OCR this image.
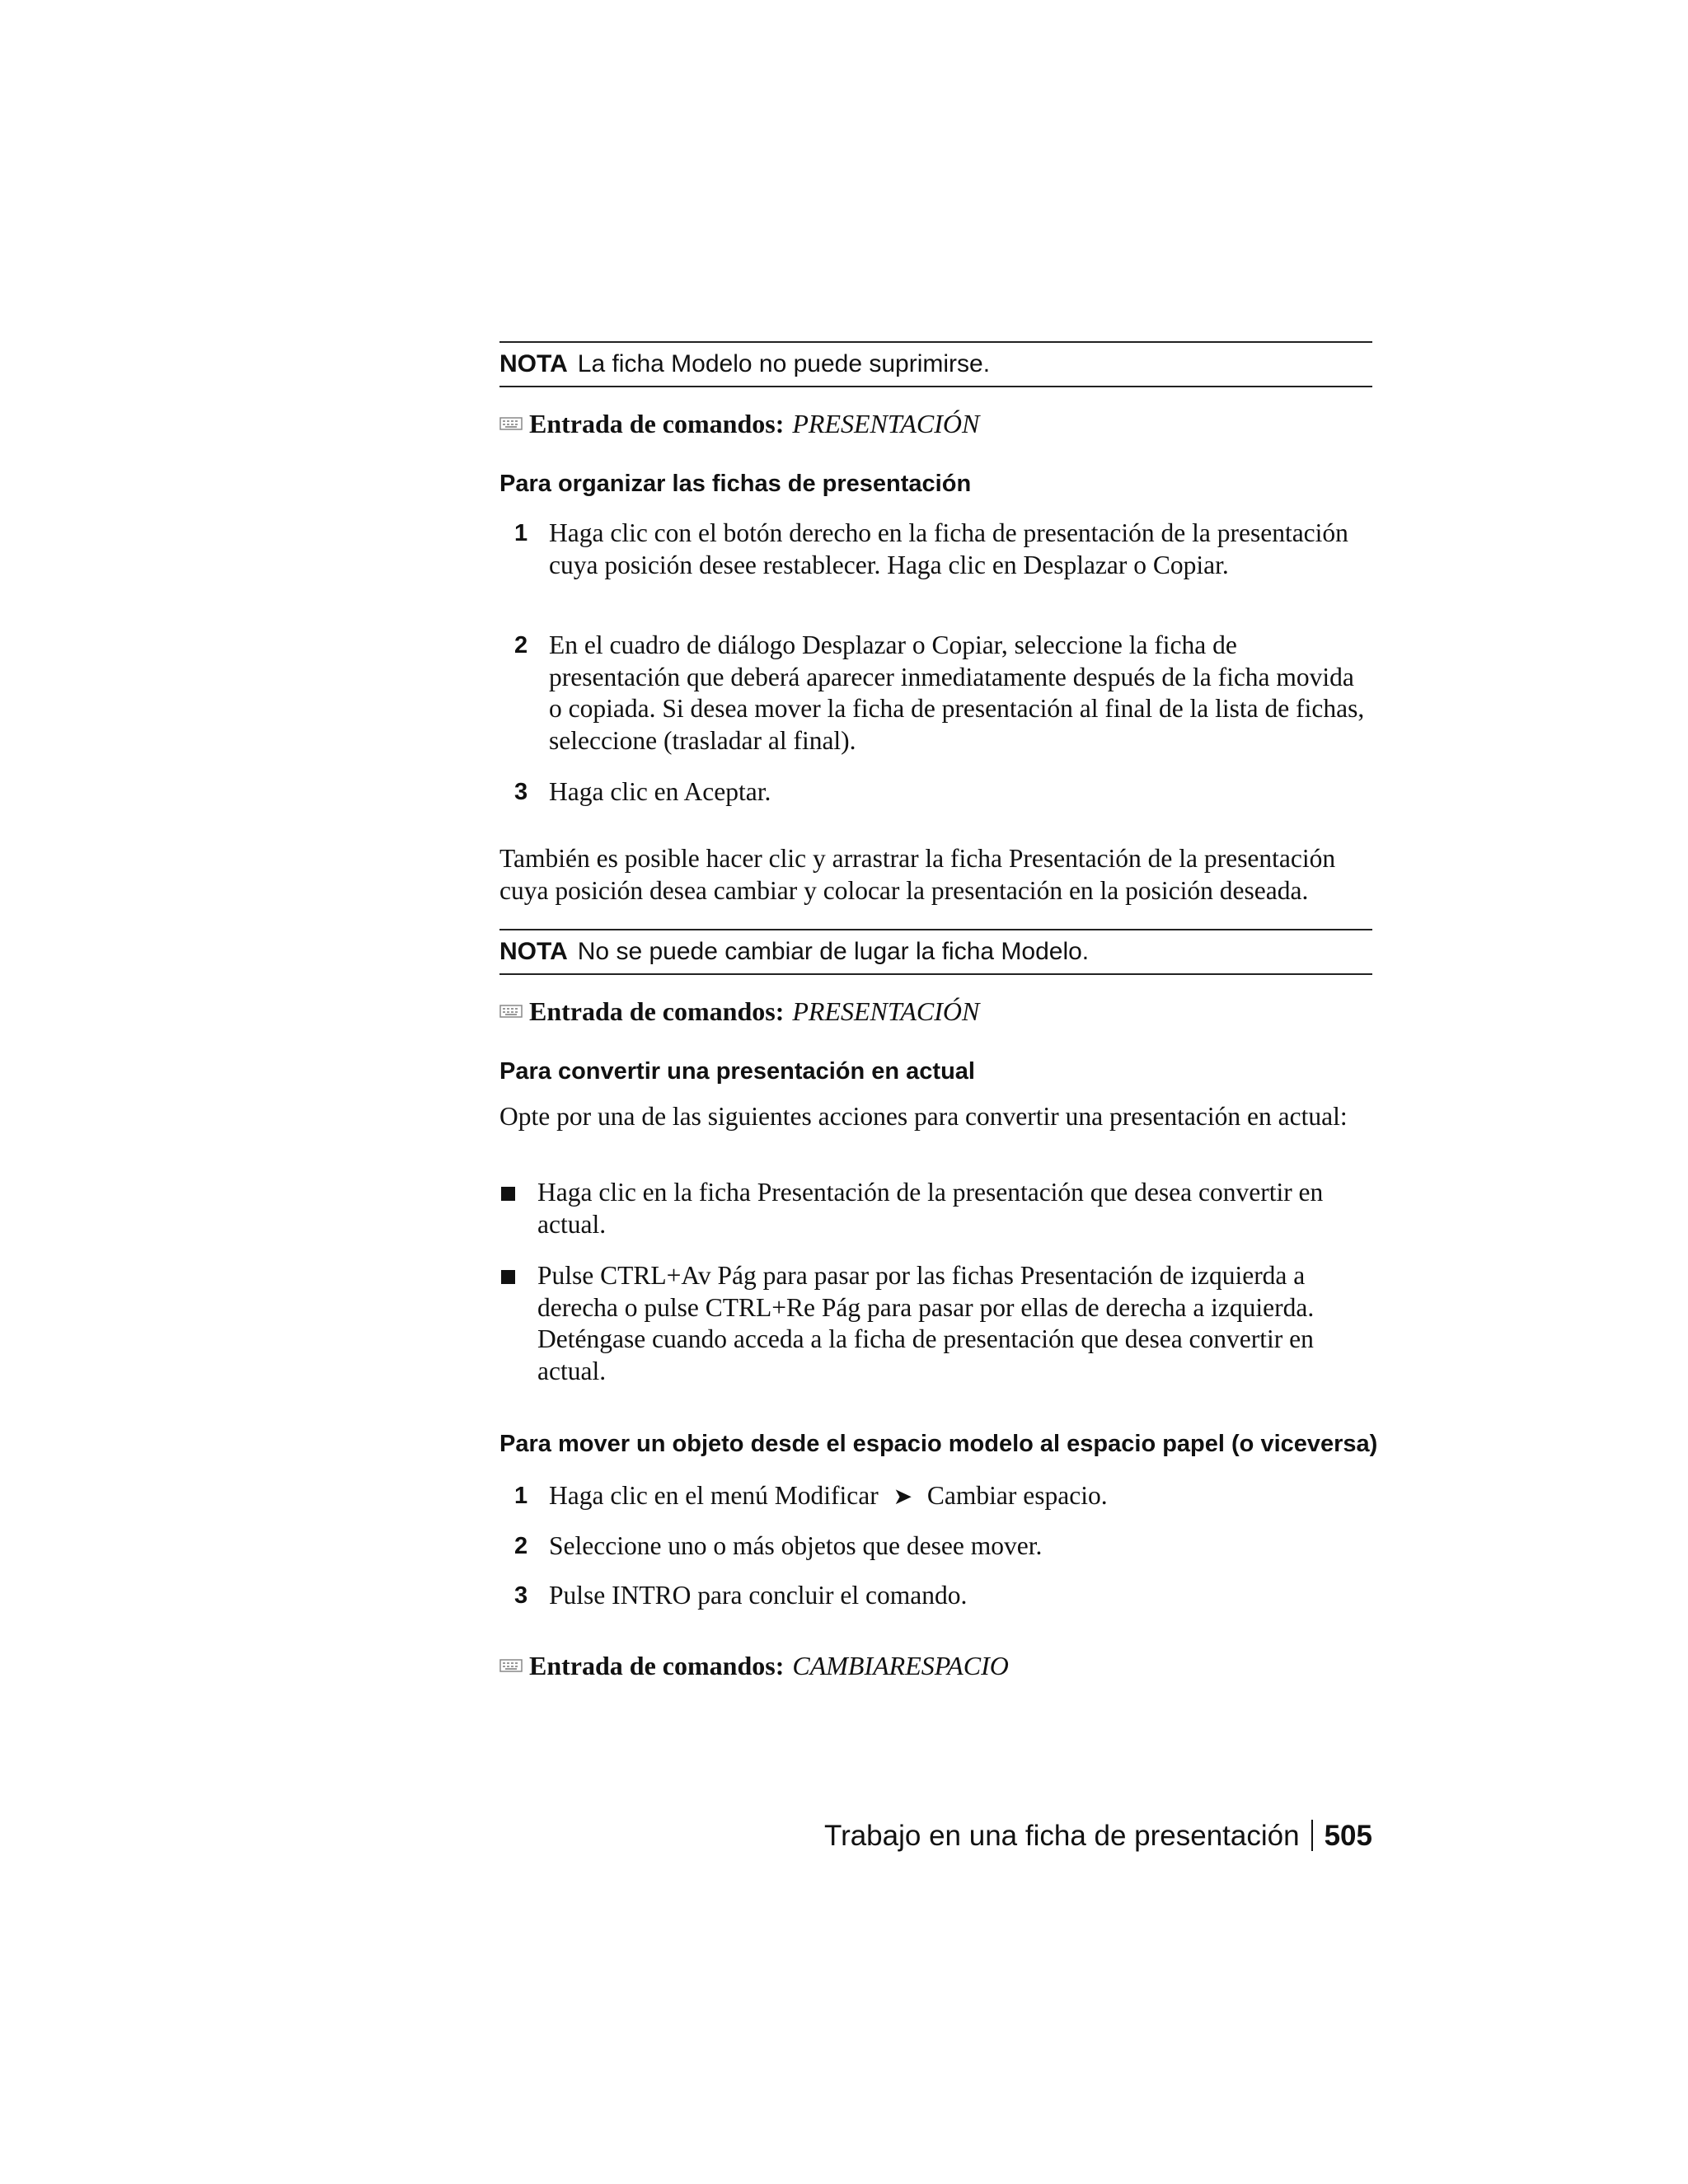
NOTA La ficha Modelo no puede suprimirse.
Entrada de comandos: PRESENTACIÓN
Para organizar las fichas de presentación
1 Haga clic con el botón derecho en la ficha de presentación de la presentación cuya posición desee restablecer. Haga clic en Desplazar o Copiar.
2 En el cuadro de diálogo Desplazar o Copiar, seleccione la ficha de presentación que deberá aparecer inmediatamente después de la ficha movida o copiada. Si desea mover la ficha de presentación al final de la lista de fichas, seleccione (trasladar al final).
3 Haga clic en Aceptar.
También es posible hacer clic y arrastrar la ficha Presentación de la presentación cuya posición desea cambiar y colocar la presentación en la posición deseada.
NOTA No se puede cambiar de lugar la ficha Modelo.
Entrada de comandos: PRESENTACIÓN
Para convertir una presentación en actual
Opte por una de las siguientes acciones para convertir una presentación en actual:
Haga clic en la ficha Presentación de la presentación que desea convertir en actual.
Pulse CTRL+Av Pág para pasar por las fichas Presentación de izquierda a derecha o pulse CTRL+Re Pág para pasar por ellas de derecha a izquierda. Deténgase cuando acceda a la ficha de presentación que desea convertir en actual.
Para mover un objeto desde el espacio modelo al espacio papel (o viceversa)
1 Haga clic en el menú Modificar ➤ Cambiar espacio.
2 Seleccione uno o más objetos que desee mover.
3 Pulse INTRO para concluir el comando.
Entrada de comandos: CAMBIARESPACIO
Trabajo en una ficha de presentación 505
